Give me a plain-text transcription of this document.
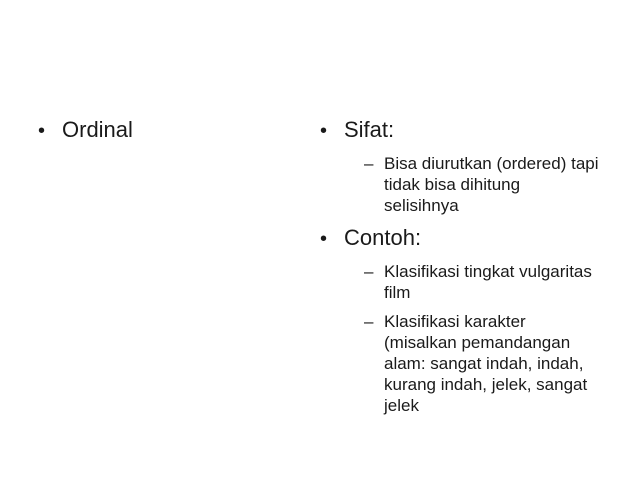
• Ordinal	• Sifat:
– Bisa diurutkan (ordered) tapi tidak bisa dihitung selisihnya
• Contoh:
– Klasifikasi tingkat vulgaritas film
– Klasifikasi karakter (misalkan pemandangan alam: sangat indah, indah, kurang indah, jelek, sangat jelek
